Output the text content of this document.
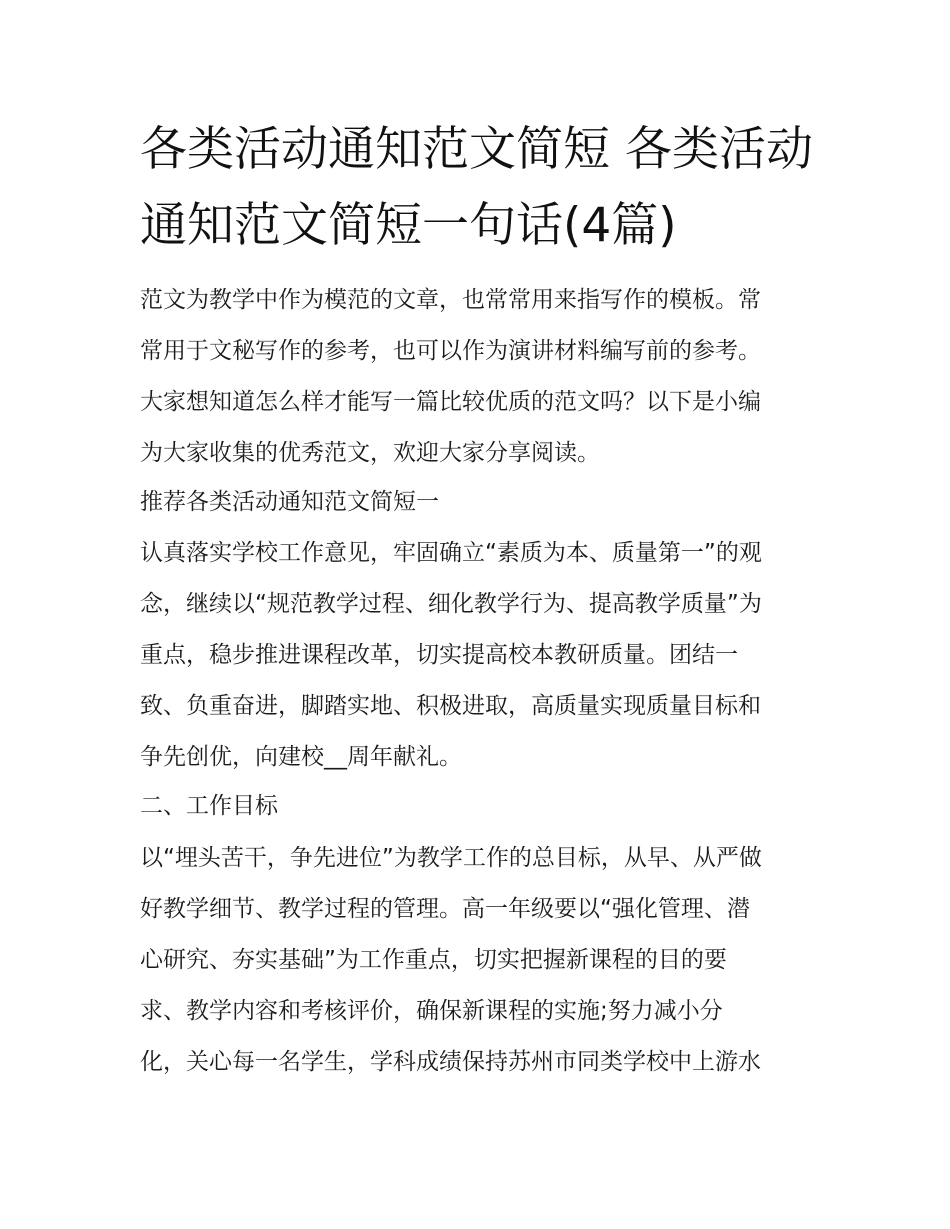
各类活动通知范文简短 各类活动通知范文简短一句话(4篇)

范文为教学中作为模范的文章，也常常用来指写作的模板。常

常用于文秘写作的参考，也可以作为演讲材料编写前的参考。

大家想知道怎么样才能写一篇比较优质的范文吗？以下是小编

为大家收集的优秀范文，欢迎大家分享阅读。

推荐各类活动通知范文简短一

认真落实学校工作意见，牢固确立“素质为本、质量第一”的观

念，继续以“规范教学过程、细化教学行为、提高教学质量”为

重点，稳步推进课程改革，切实提高校本教研质量。团结一

致、负重奋进，脚踏实地、积极进取，高质量实现质量目标和

争先创优，向建校__周年献礼。

二、工作目标

以“埋头苦干，争先进位”为教学工作的总目标，从早、从严做

好教学细节、教学过程的管理。高一年级要以“强化管理、潜

心研究、夯实基础”为工作重点，切实把握新课程的目的要

求、教学内容和考核评价，确保新课程的实施;努力减小分

化，关心每一名学生，学科成绩保持苏州市同类学校中上游水
